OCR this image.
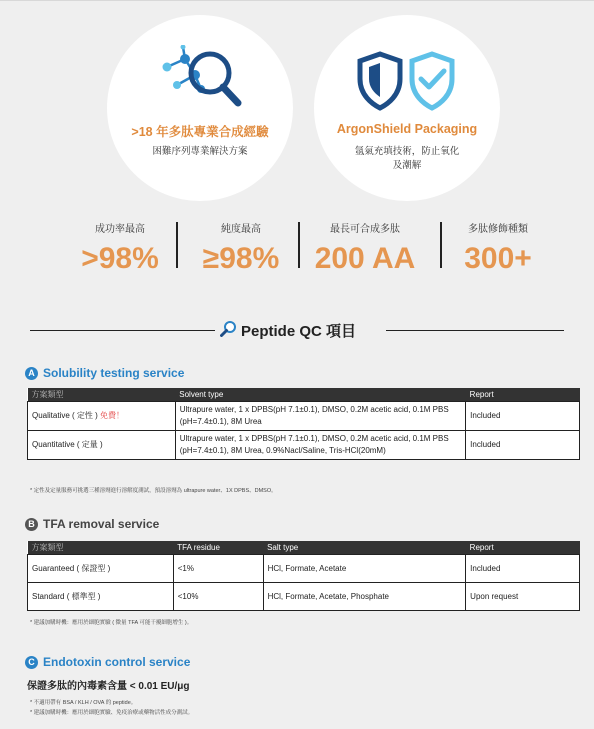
>18 年多肽專業合成經驗
困難序列專業解決方案
ArgonShield Packaging
氬氣充填技術，防止氧化
及潮解
成功率最高
>98%
純度最高
≥98%
最長可合成多肽
200 AA
多肽修飾種類
300+
Peptide QC 項目
A Solubility testing service
方案類型	Solvent type	Report
Qualitative ( 定性 ) 免費！	Ultrapure water, 1 x DPBS(pH 7.1±0.1), DMSO, 0.2M acetic acid, 0.1M PBS (pH=7.4±0.1), 8M Urea	Included
Quantitative ( 定量 )	Ultrapure water, 1 x DPBS(pH 7.1±0.1), DMSO, 0.2M acetic acid, 0.1M PBS (pH=7.4±0.1), 8M Urea, 0.9%Nacl/Saline, Tris-HCl(20mM)	Included
* 定性及定量服務可挑選三種溶劑進行溶解度測試，預設溶劑為 ultrapure water、1X DPBS、DMSO。
B TFA removal service
方案類型	TFA residue	Salt type	Report
Guaranteed ( 保證型 )	<1%	HCl, Formate, Acetate	Included
Standard ( 標準型 )	<10%	HCl, Formate, Acetate, Phosphate	Upon request
* 建議加購時機：應用於細胞實驗 ( 微量 TFA 可能干擾細胞增生 )。
C Endotoxin control service
保證多肽的內毒素含量 < 0.01 EU/μg
* 不適用帶有 BSA / KLH / OVA 的 peptide。
* 建議加購時機：應用於細胞實驗、免疫治療或藥物活性成分測試。
